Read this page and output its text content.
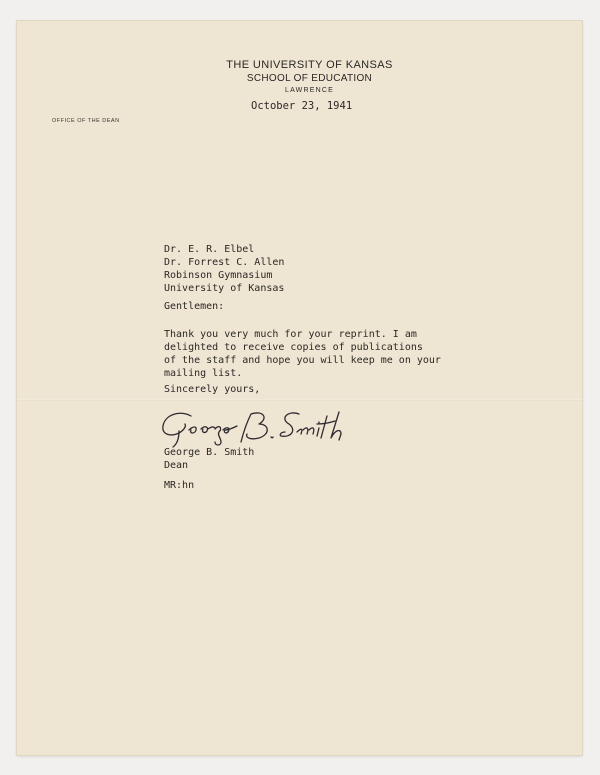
THE UNIVERSITY OF KANSAS
SCHOOL OF EDUCATION
LAWRENCE
October 23, 1941
OFFICE OF THE DEAN
Dr. E. R. Elbel
Dr. Forrest C. Allen
Robinson Gymnasium
University of Kansas
Gentlemen:
Thank you very much for your reprint. I am
delighted to receive copies of publications
of the staff and hope you will keep me on your
mailing list.
Sincerely yours,
George B. Smith
Dean
MR:hn
